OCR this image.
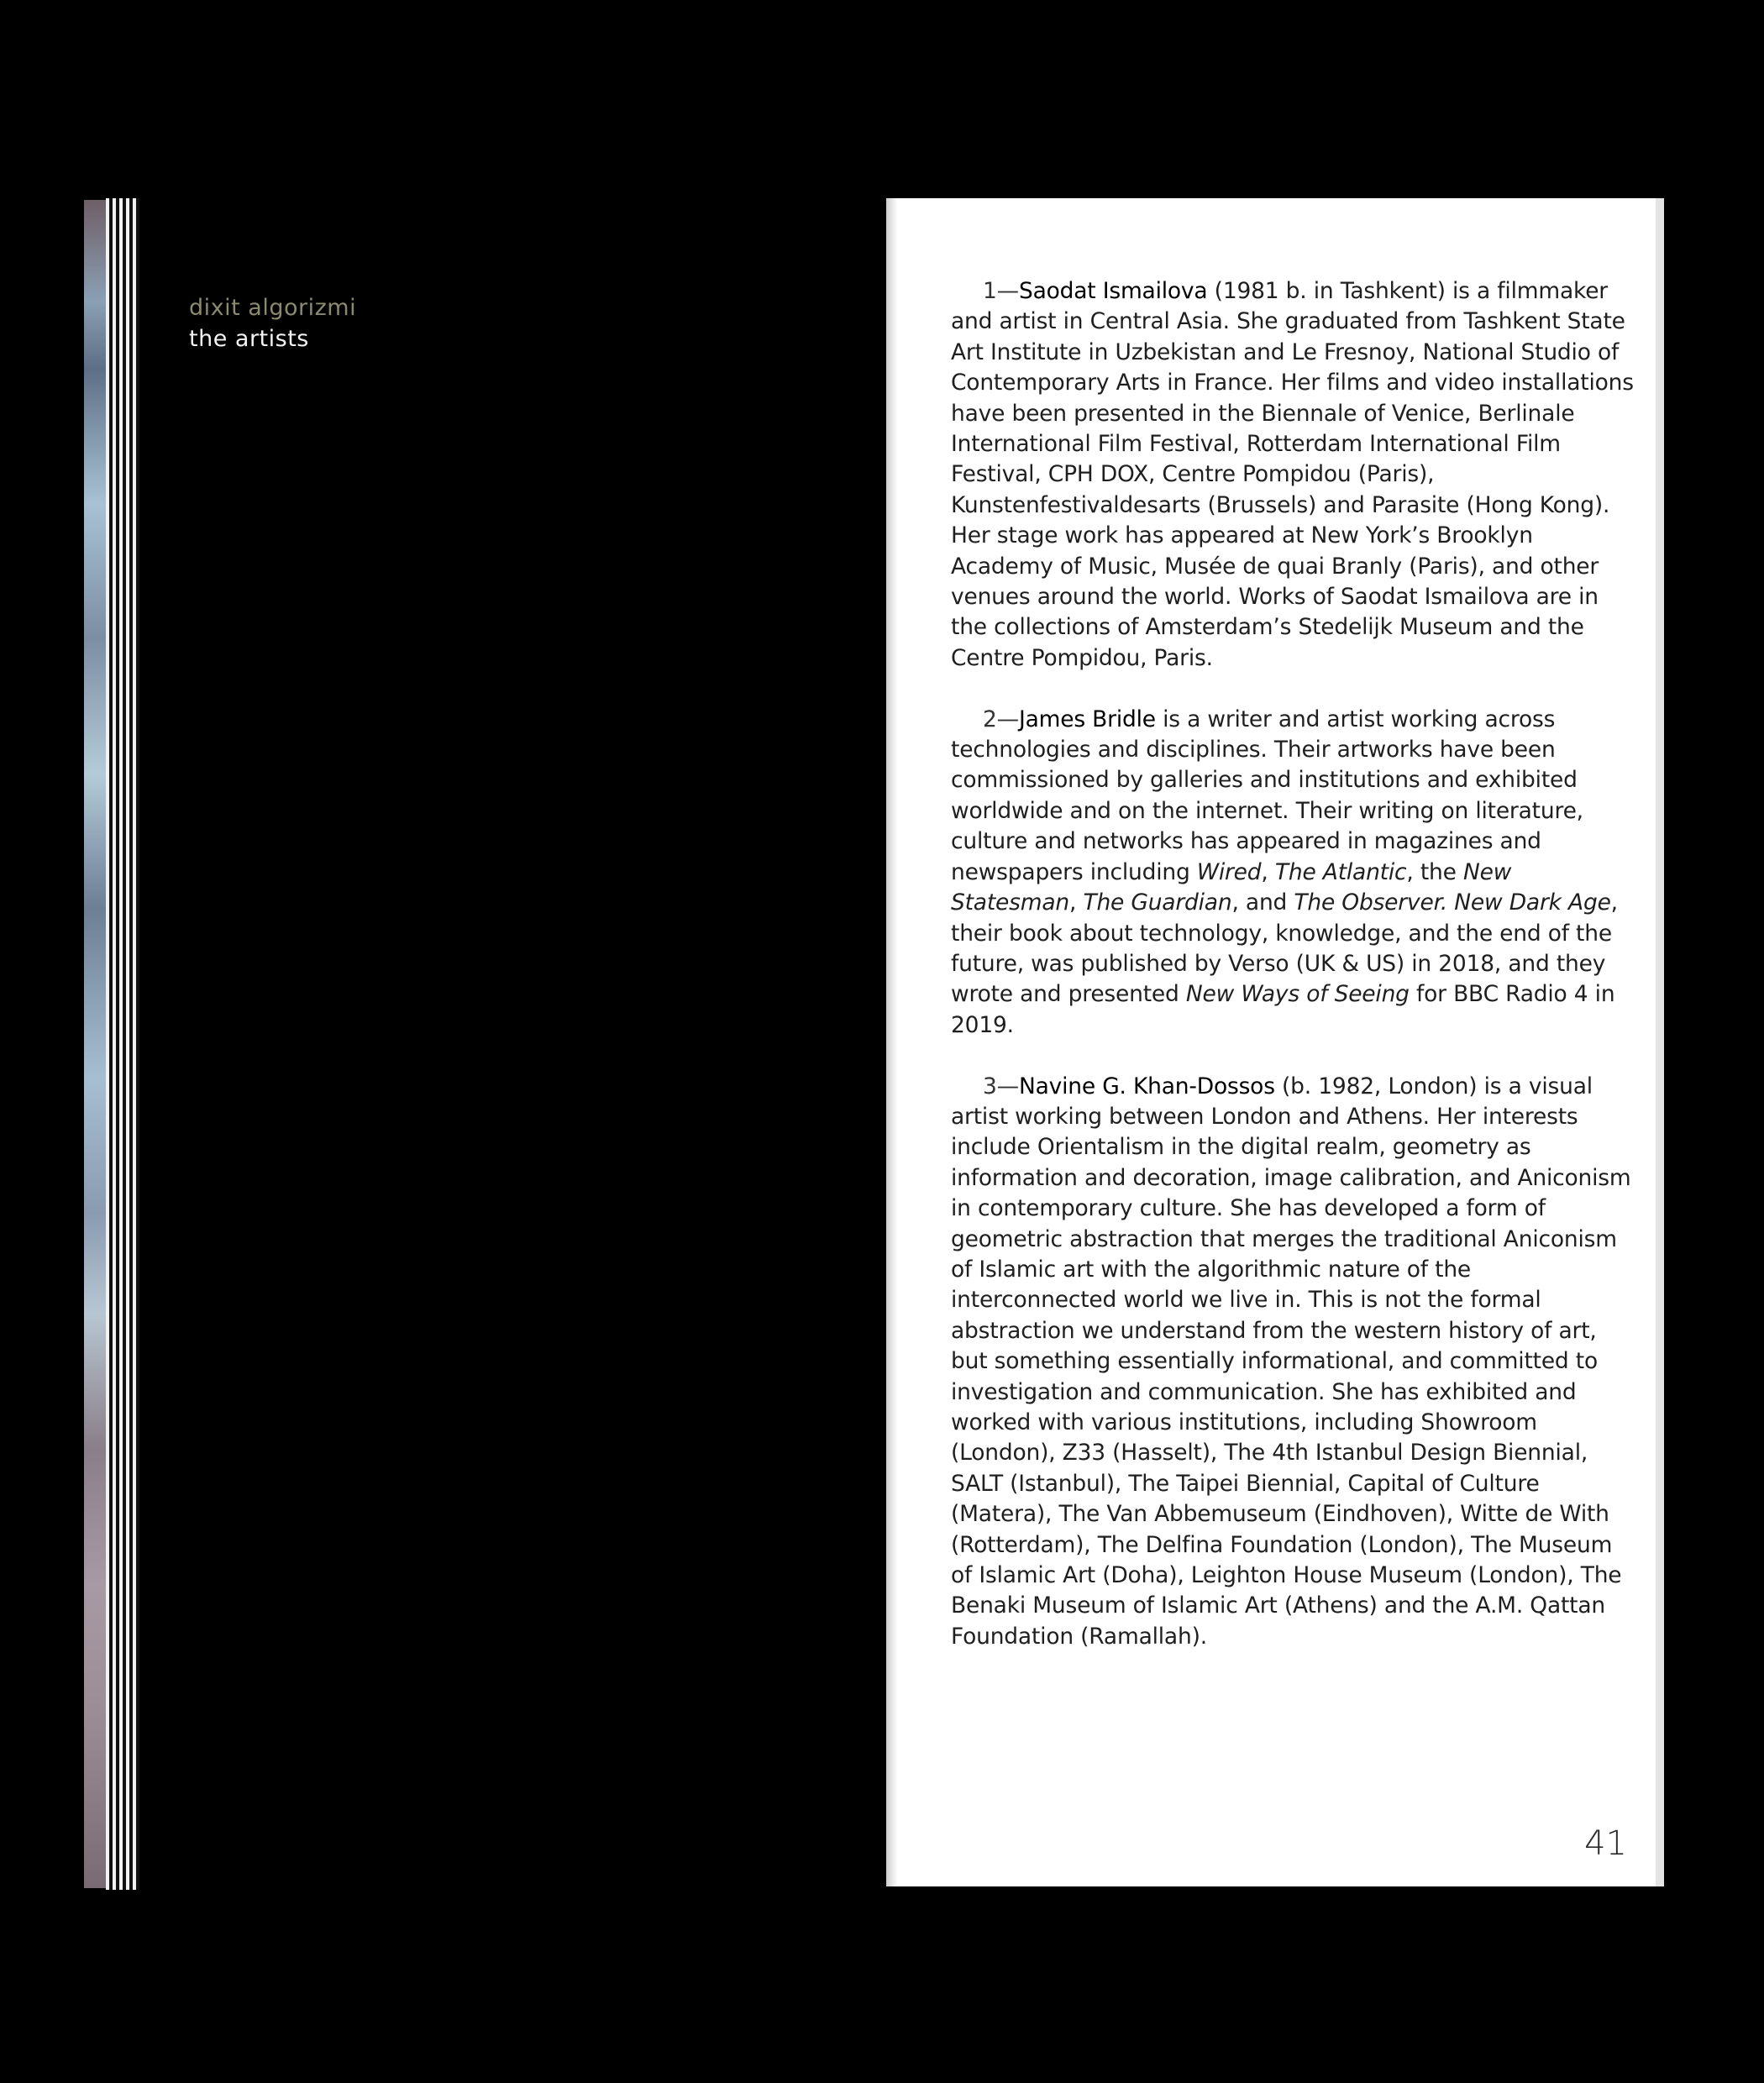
dixit algorizmi
the artists

1—Saodat Ismailova (1981 b. in Tashkent) is a filmmaker and artist in Central Asia. She graduated from Tashkent State Art Institute in Uzbekistan and Le Fresnoy, National Studio of Contemporary Arts in France. Her films and video installations have been presented in the Biennale of Venice, Berlinale International Film Festival, Rotterdam International Film Festival, CPH DOX, Centre Pompidou (Paris), Kunstenfestivaldesarts (Brussels) and Parasite (Hong Kong). Her stage work has appeared at New York’s Brooklyn Academy of Music, Musée de quai Branly (Paris), and other venues around the world. Works of Saodat Ismailova are in the collections of Amsterdam’s Stedelijk Museum and the Centre Pompidou, Paris.

2—James Bridle is a writer and artist working across technologies and disciplines. Their artworks have been commissioned by galleries and institutions and exhibited worldwide and on the internet. Their writing on literature, culture and networks has appeared in magazines and newspapers including Wired, The Atlantic, the New Statesman, The Guardian, and The Observer. New Dark Age, their book about technology, knowledge, and the end of the future, was published by Verso (UK & US) in 2018, and they wrote and presented New Ways of Seeing for BBC Radio 4 in 2019.

3—Navine G. Khan-Dossos (b. 1982, London) is a visual artist working between London and Athens. Her interests include Orientalism in the digital realm, geometry as information and decoration, image calibration, and Aniconism in contemporary culture. She has developed a form of geometric abstraction that merges the traditional Aniconism of Islamic art with the algorithmic nature of the interconnected world we live in. This is not the formal abstraction we understand from the western history of art, but something essentially informational, and committed to investigation and communication. She has exhibited and worked with various institutions, including Showroom (London), Z33 (Hasselt), The 4th Istanbul Design Biennial, SALT (Istanbul), The Taipei Biennial, Capital of Culture (Matera), The Van Abbemuseum (Eindhoven), Witte de With (Rotterdam), The Delfina Foundation (London), The Museum of Islamic Art (Doha), Leighton House Museum (London), The Benaki Museum of Islamic Art (Athens) and the A.M. Qattan Foundation (Ramallah).

41
